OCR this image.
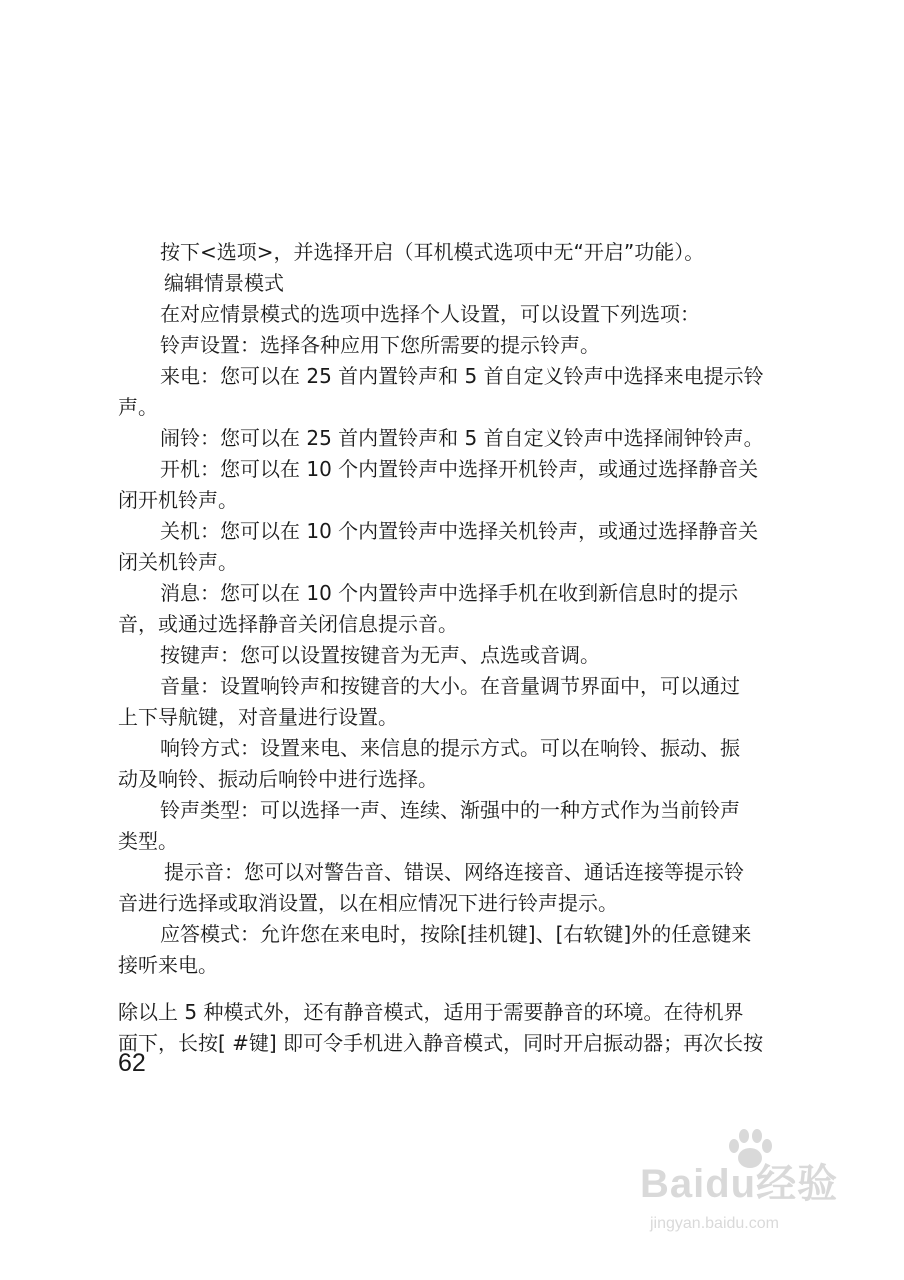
按下<选项>，并选择开启（耳机模式选项中无“开启”功能）。
编辑情景模式
在对应情景模式的选项中选择个人设置，可以设置下列选项：
铃声设置：选择各种应用下您所需要的提示铃声。
来电：您可以在 25 首内置铃声和 5 首自定义铃声中选择来电提示铃
声。
闹铃：您可以在 25 首内置铃声和 5 首自定义铃声中选择闹钟铃声。
开机：您可以在 10 个内置铃声中选择开机铃声，或通过选择静音关
闭开机铃声。
关机：您可以在 10 个内置铃声中选择关机铃声，或通过选择静音关
闭关机铃声。
消息：您可以在 10 个内置铃声中选择手机在收到新信息时的提示
音，或通过选择静音关闭信息提示音。
按键声：您可以设置按键音为无声、点选或音调。
音量：设置响铃声和按键音的大小。在音量调节界面中，可以通过
上下导航键，对音量进行设置。
响铃方式：设置来电、来信息的提示方式。可以在响铃、振动、振
动及响铃、振动后响铃中进行选择。
铃声类型：可以选择一声、连续、渐强中的一种方式作为当前铃声
类型。
提示音：您可以对警告音、错误、网络连接音、通话连接等提示铃
音进行选择或取消设置，以在相应情况下进行铃声提示。
应答模式：允许您在来电时，按除[挂机键]、[右软键]外的任意键来
接听来电。
除以上 5 种模式外，还有静音模式，适用于需要静音的环境。在待机界
面下，长按[ #键] 即可令手机进入静音模式，同时开启振动器；再次长按
62
Baidu经验
jingyan.baidu.com
